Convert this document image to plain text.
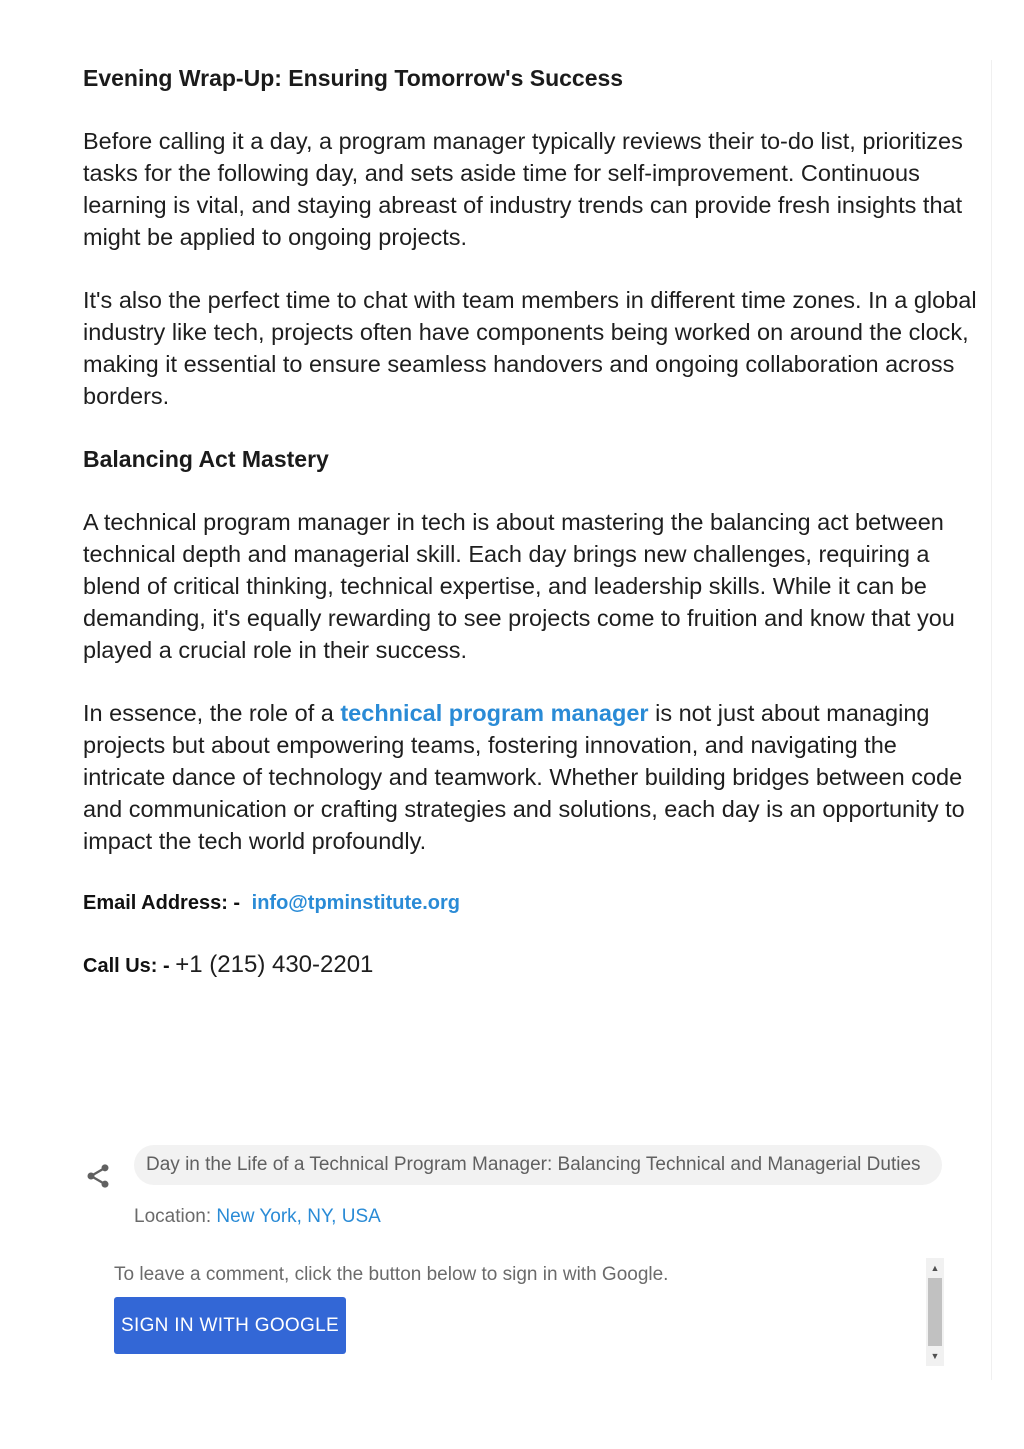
Evening Wrap-Up: Ensuring Tomorrow's Success

Before calling it a day, a program manager typically reviews their to-do list, prioritizes tasks for the following day, and sets aside time for self-improvement. Continuous learning is vital, and staying abreast of industry trends can provide fresh insights that might be applied to ongoing projects.

It's also the perfect time to chat with team members in different time zones. In a global industry like tech, projects often have components being worked on around the clock, making it essential to ensure seamless handovers and ongoing collaboration across borders.

Balancing Act Mastery

A technical program manager in tech is about mastering the balancing act between technical depth and managerial skill. Each day brings new challenges, requiring a blend of critical thinking, technical expertise, and leadership skills. While it can be demanding, it's equally rewarding to see projects come to fruition and know that you played a crucial role in their success.

In essence, the role of a technical program manager is not just about managing projects but about empowering teams, fostering innovation, and navigating the intricate dance of technology and teamwork. Whether building bridges between code and communication or crafting strategies and solutions, each day is an opportunity to impact the tech world profoundly.

Email Address: - info@tpminstitute.org

Call Us: - +1 (215) 430-2201

Day in the Life of a Technical Program Manager: Balancing Technical and Managerial Duties
Location: New York, NY, USA
To leave a comment, click the button below to sign in with Google.
SIGN IN WITH GOOGLE
▲
▼
